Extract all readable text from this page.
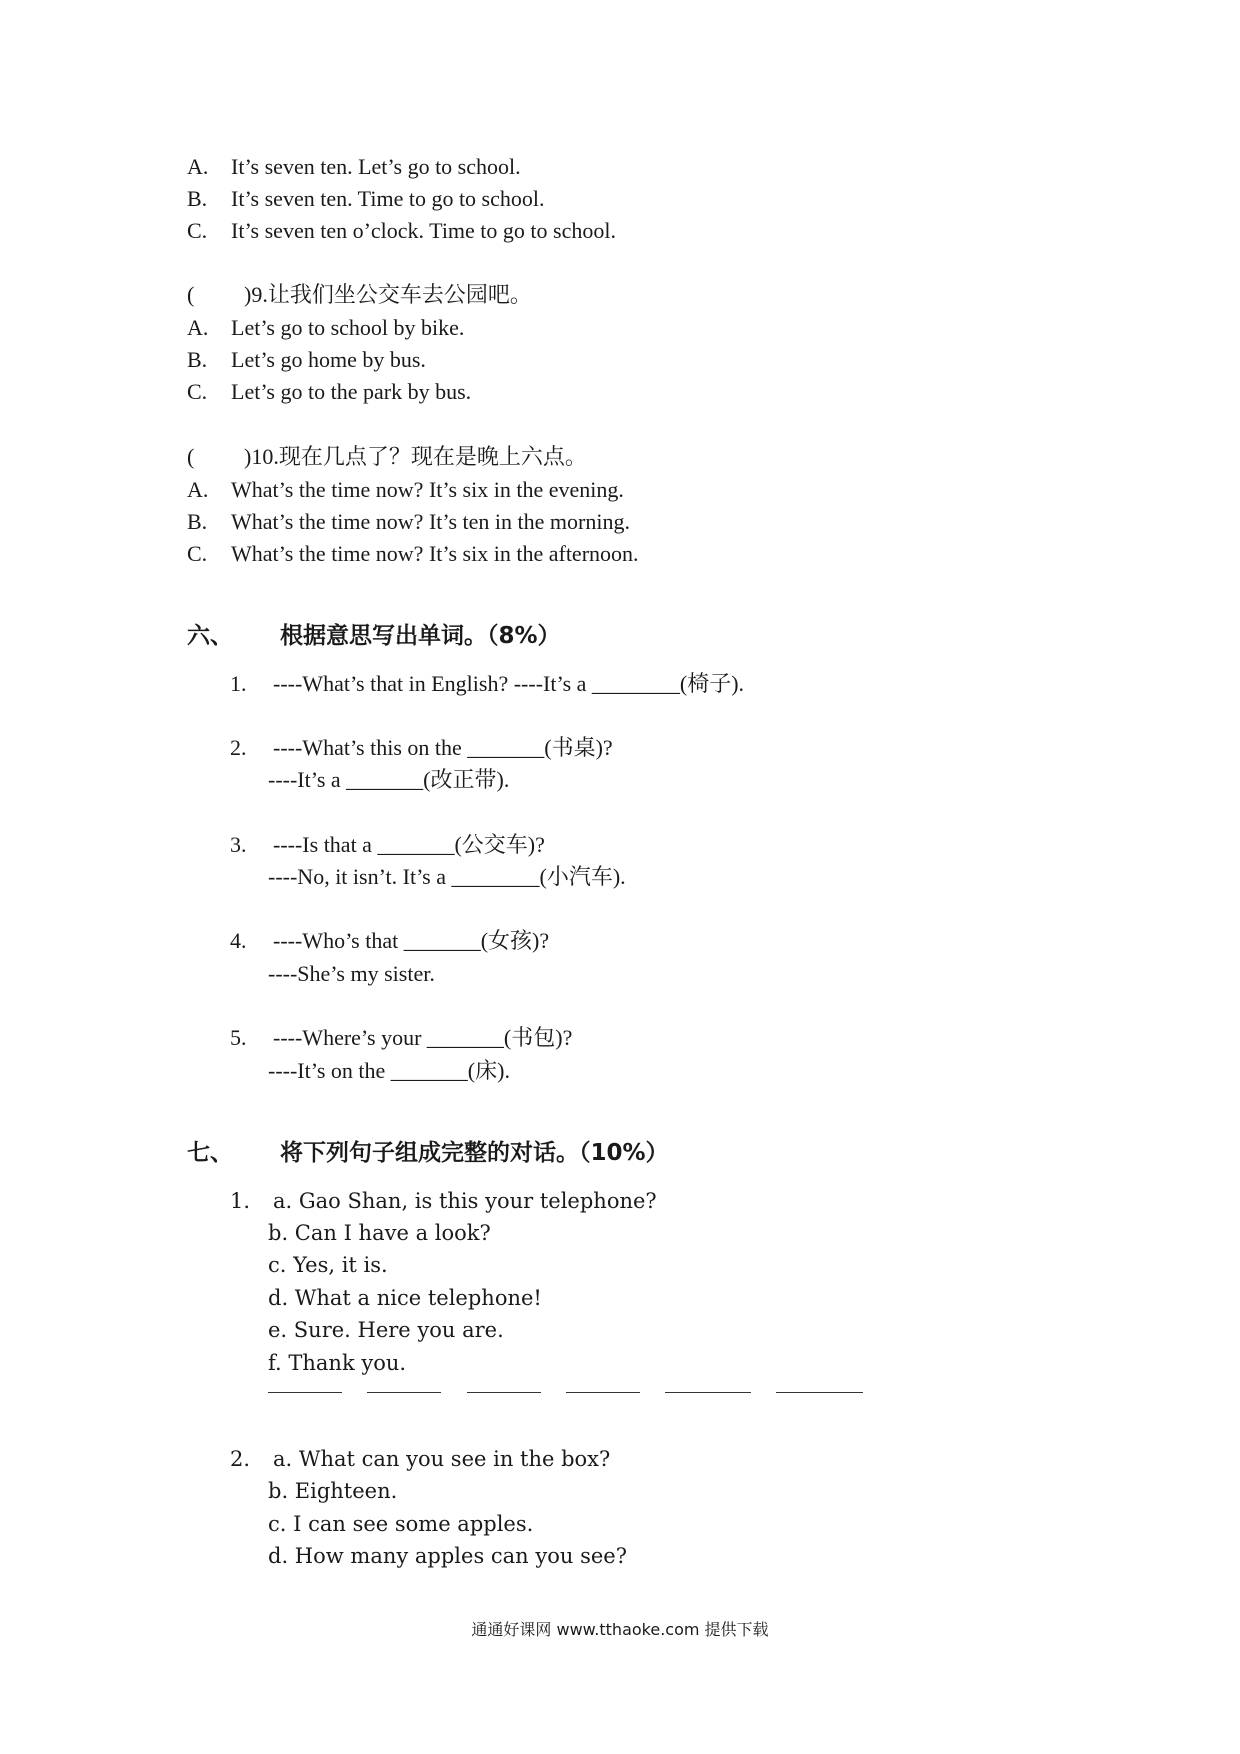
A. It’s seven ten. Let’s go to school.
B. It’s seven ten. Time to go to school.
C. It’s seven ten o’clock. Time to go to school.
( )9.让我们坐公交车去公园吧。
A. Let’s go to school by bike.
B. Let’s go home by bus.
C. Let’s go to the park by bus.
( )10.现在几点了？现在是晚上六点。
A. What’s the time now? It’s six in the evening.
B. What’s the time now? It’s ten in the morning.
C. What’s the time now? It’s six in the afternoon.
六、 根据意思写出单词。（8%）
1. ----What’s that in English? ----It’s a ________(椅子).
2. ----What’s this on the _______(书桌)?
----It’s a _______(改正带).
3. ----Is that a _______(公交车)?
----No, it isn’t. It’s a ________(小汽车).
4. ----Who’s that _______(女孩)?
----She’s my sister.
5. ----Where’s your _______(书包)?
----It’s on the _______(床).
七、 将下列句子组成完整的对话。（10%）
1. a. Gao Shan, is this your telephone?
b. Can I have a look?
c. Yes, it is.
d. What a nice telephone!
e. Sure. Here you are.
f. Thank you.
2. a. What can you see in the box?
b. Eighteen.
c. I can see some apples.
d. How many apples can you see?
通通好课网 www.tthaoke.com 提供下载
